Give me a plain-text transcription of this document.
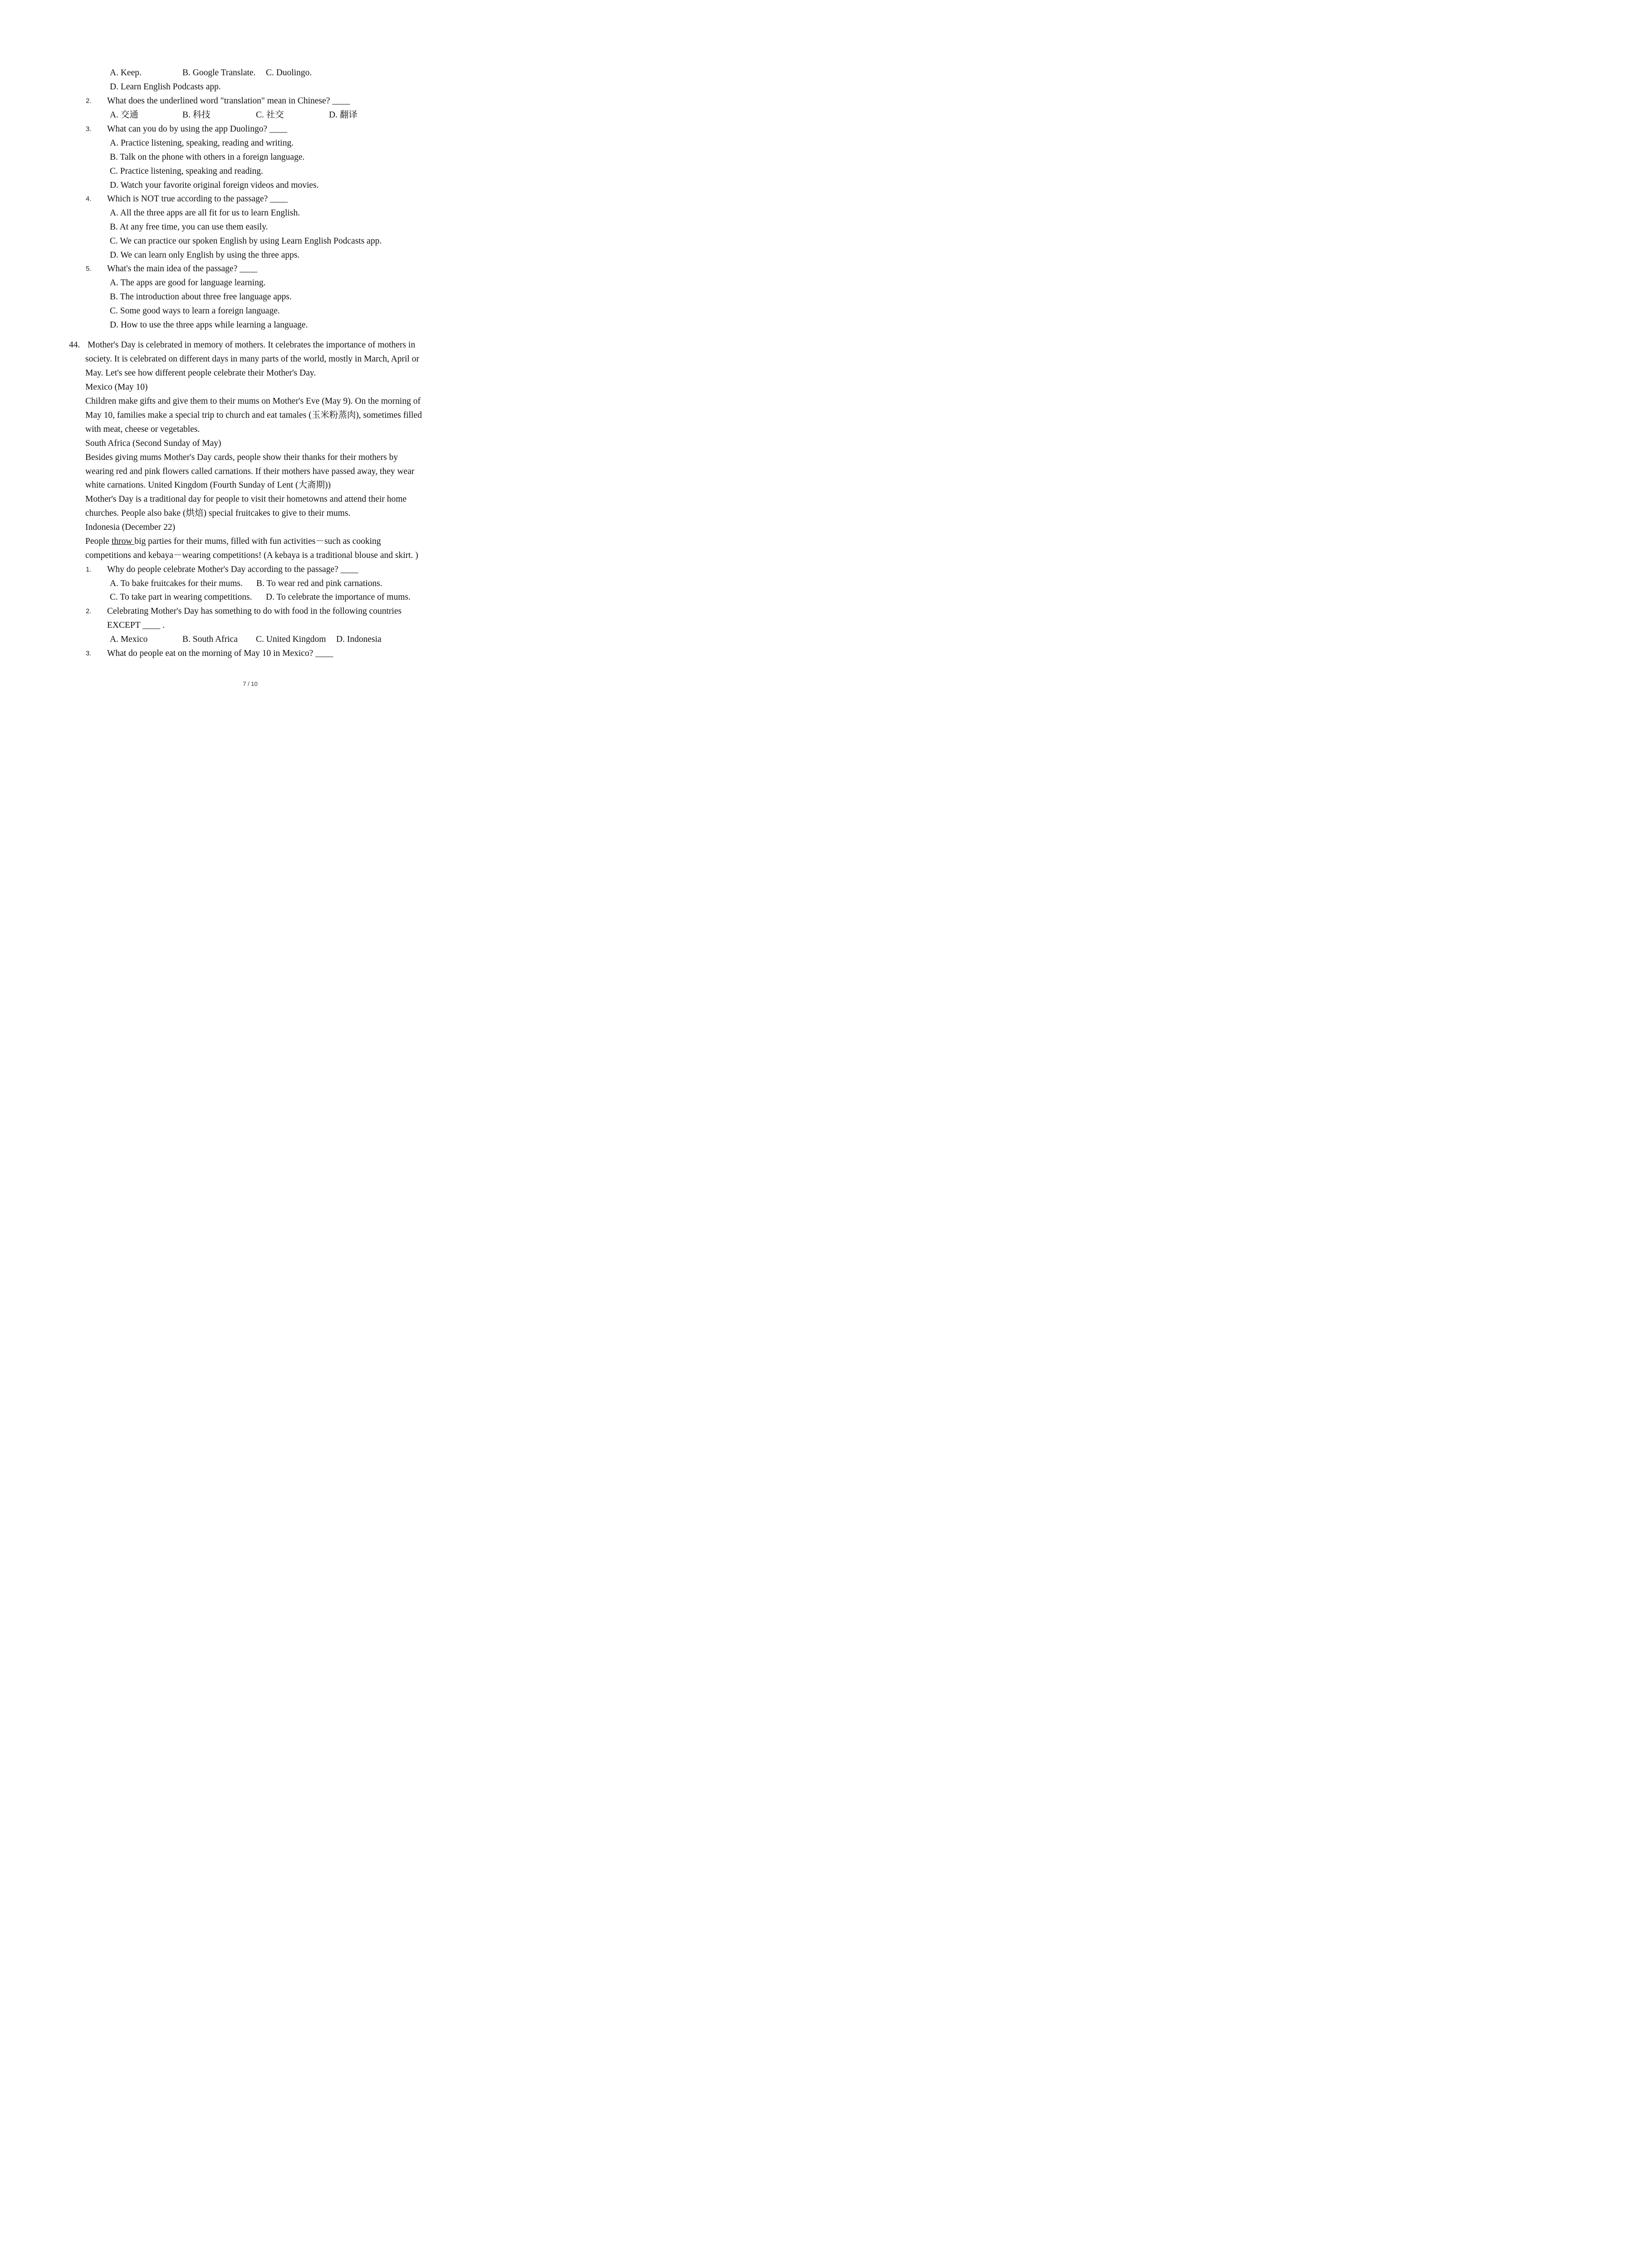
A. Keep.	B. Google Translate. C. Duolingo.
D. Learn English Podcasts app.
2. What does the underlined word "translation" mean in Chinese? ____
A. 交通	B. 科技	C. 社交	D. 翻译
3. What can you do by using the app Duolingo? ____
A. Practice listening, speaking, reading and writing.
B. Talk on the phone with others in a foreign language.
C. Practice listening, speaking and reading.
D. Watch your favorite original foreign videos and movies.
4. Which is NOT true according to the passage? ____
A. All the three apps are all fit for us to learn English.
B. At any free time, you can use them easily.
C. We can practice our spoken English by using Learn English Podcasts app.
D. We can learn only English by using the three apps.
5. What's the main idea of the passage? ____
A. The apps are good for language learning.
B. The introduction about three free language apps.
C. Some good ways to learn a foreign language.
D. How to use the three apps while learning a language.
44. Mother's Day is celebrated in memory of mothers. It celebrates the importance of mothers in
society. It is celebrated on different days in many parts of the world, mostly in March, April or
May. Let's see how different people celebrate their Mother's Day.
Mexico (May 10)
Children make gifts and give them to their mums on Mother's Eve (May 9). On the morning of
May 10, families make a special trip to church and eat tamales (玉米粉蒸肉), sometimes filled
with meat, cheese or vegetables.
South Africa (Second Sunday of May)
Besides giving mums Mother's Day cards, people show their thanks for their mothers by
wearing red and pink flowers called carnations. If their mothers have passed away, they wear
white carnations. United Kingdom (Fourth Sunday of Lent (大斋期))
Mother's Day is a traditional day for people to visit their hometowns and attend their home
churches. People also bake (烘焙) special fruitcakes to give to their mums.
Indonesia (December 22)
People throw big parties for their mums, filled with fun activities－such as cooking
competitions and kebaya－wearing competitions! (A kebaya is a traditional blouse and skirt. )
1. Why do people celebrate Mother's Day according to the passage? ____
A. To bake fruitcakes for their mums. B. To wear red and pink carnations.
C. To take part in wearing competitions. D. To celebrate the importance of mums.
2. Celebrating Mother's Day has something to do with food in the following countries
EXCEPT ____ .
A. Mexico	B. South Africa C. United Kingdom D. Indonesia
3. What do people eat on the morning of May 10 in Mexico? ____
7 / 10
